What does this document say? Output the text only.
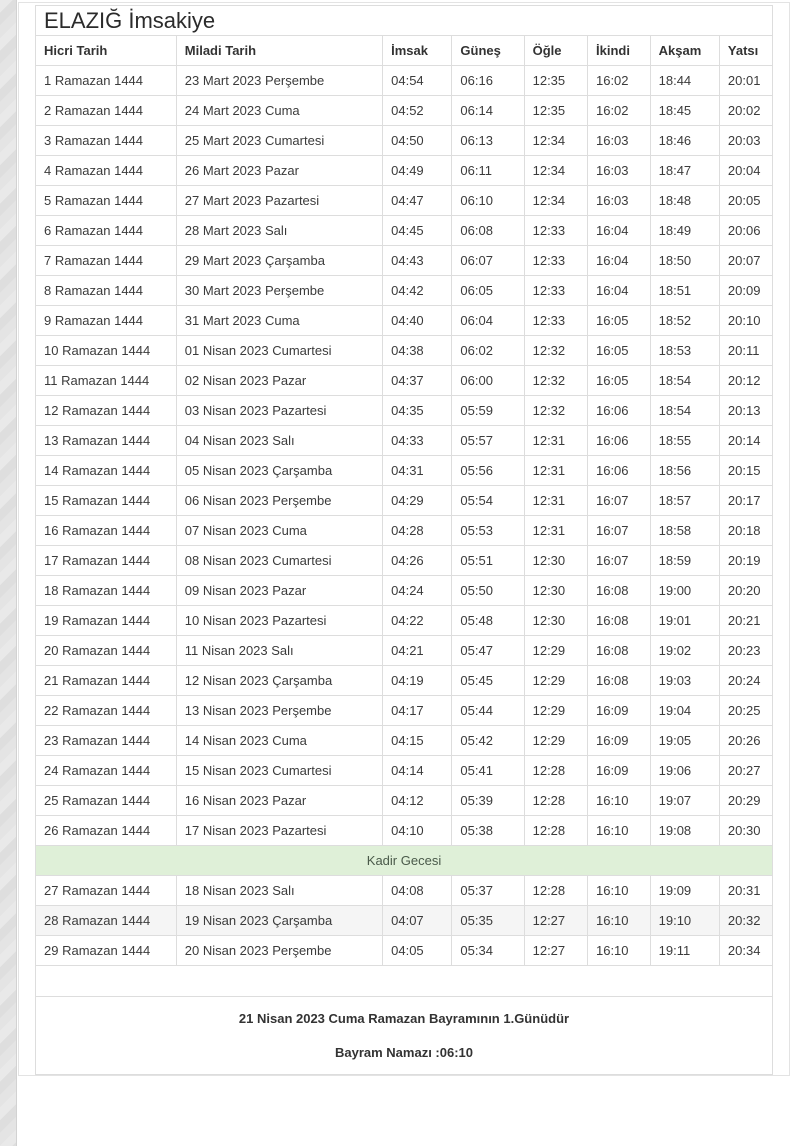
ELAZIĞ İmsakiye							
Hicri Tarih	Miladi Tarih	İmsak	Güneş	Öğle	İkindi	Akşam	Yatsı
1 Ramazan 1444	23 Mart 2023 Perşembe	04:54	06:16	12:35	16:02	18:44	20:01
2 Ramazan 1444	24 Mart 2023 Cuma	04:52	06:14	12:35	16:02	18:45	20:02
3 Ramazan 1444	25 Mart 2023 Cumartesi	04:50	06:13	12:34	16:03	18:46	20:03
4 Ramazan 1444	26 Mart 2023 Pazar	04:49	06:11	12:34	16:03	18:47	20:04
5 Ramazan 1444	27 Mart 2023 Pazartesi	04:47	06:10	12:34	16:03	18:48	20:05
6 Ramazan 1444	28 Mart 2023 Salı	04:45	06:08	12:33	16:04	18:49	20:06
7 Ramazan 1444	29 Mart 2023 Çarşamba	04:43	06:07	12:33	16:04	18:50	20:07
8 Ramazan 1444	30 Mart 2023 Perşembe	04:42	06:05	12:33	16:04	18:51	20:09
9 Ramazan 1444	31 Mart 2023 Cuma	04:40	06:04	12:33	16:05	18:52	20:10
10 Ramazan 1444	01 Nisan 2023 Cumartesi	04:38	06:02	12:32	16:05	18:53	20:11
11 Ramazan 1444	02 Nisan 2023 Pazar	04:37	06:00	12:32	16:05	18:54	20:12
12 Ramazan 1444	03 Nisan 2023 Pazartesi	04:35	05:59	12:32	16:06	18:54	20:13
13 Ramazan 1444	04 Nisan 2023 Salı	04:33	05:57	12:31	16:06	18:55	20:14
14 Ramazan 1444	05 Nisan 2023 Çarşamba	04:31	05:56	12:31	16:06	18:56	20:15
15 Ramazan 1444	06 Nisan 2023 Perşembe	04:29	05:54	12:31	16:07	18:57	20:17
16 Ramazan 1444	07 Nisan 2023 Cuma	04:28	05:53	12:31	16:07	18:58	20:18
17 Ramazan 1444	08 Nisan 2023 Cumartesi	04:26	05:51	12:30	16:07	18:59	20:19
18 Ramazan 1444	09 Nisan 2023 Pazar	04:24	05:50	12:30	16:08	19:00	20:20
19 Ramazan 1444	10 Nisan 2023 Pazartesi	04:22	05:48	12:30	16:08	19:01	20:21
20 Ramazan 1444	11 Nisan 2023 Salı	04:21	05:47	12:29	16:08	19:02	20:23
21 Ramazan 1444	12 Nisan 2023 Çarşamba	04:19	05:45	12:29	16:08	19:03	20:24
22 Ramazan 1444	13 Nisan 2023 Perşembe	04:17	05:44	12:29	16:09	19:04	20:25
23 Ramazan 1444	14 Nisan 2023 Cuma	04:15	05:42	12:29	16:09	19:05	20:26
24 Ramazan 1444	15 Nisan 2023 Cumartesi	04:14	05:41	12:28	16:09	19:06	20:27
25 Ramazan 1444	16 Nisan 2023 Pazar	04:12	05:39	12:28	16:10	19:07	20:29
26 Ramazan 1444	17 Nisan 2023 Pazartesi	04:10	05:38	12:28	16:10	19:08	20:30
Kadir Gecesi							
27 Ramazan 1444	18 Nisan 2023 Salı	04:08	05:37	12:28	16:10	19:09	20:31
28 Ramazan 1444	19 Nisan 2023 Çarşamba	04:07	05:35	12:27	16:10	19:10	20:32
29 Ramazan 1444	20 Nisan 2023 Perşembe	04:05	05:34	12:27	16:10	19:11	20:34

21 Nisan 2023 Cuma Ramazan Bayramının 1.Günüdür
Bayram Namazı :06:10							
